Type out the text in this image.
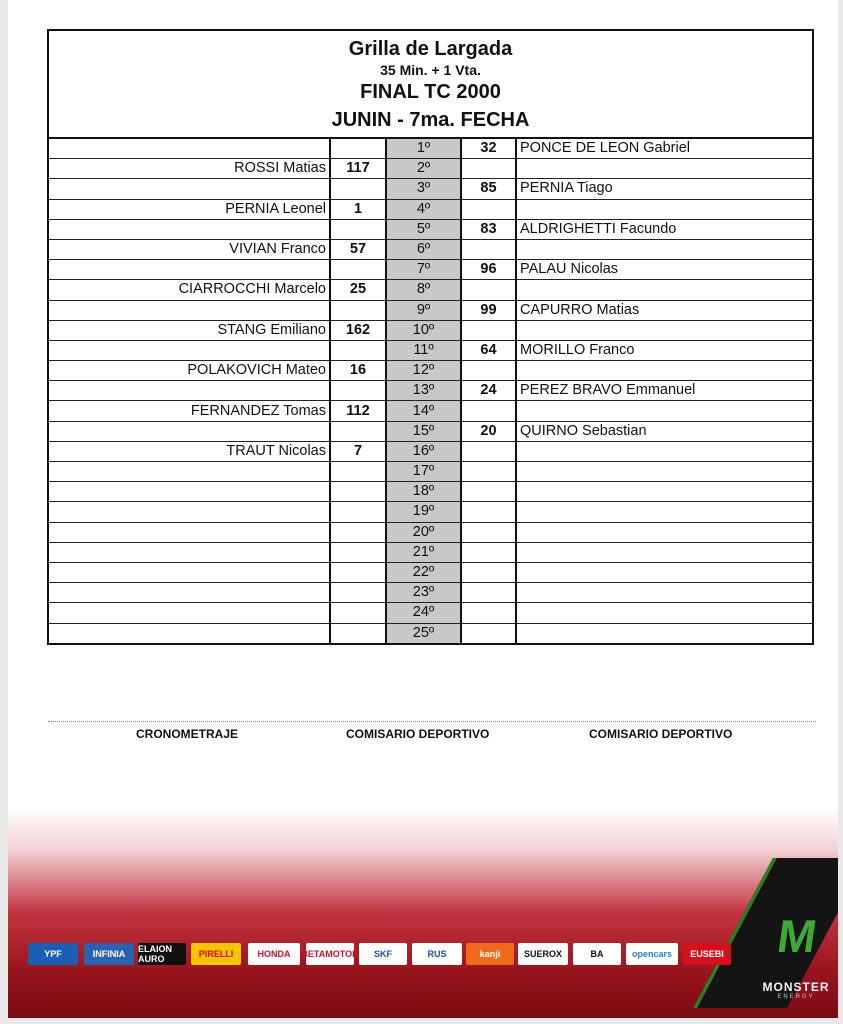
Grilla de Largada
35 Min. + 1 Vta.
FINAL TC 2000
JUNIN - 7ma. FECHA
		1º	32	PONCE DE LEON Gabriel
ROSSI Matias	117	2º		
		3º	85	PERNIA Tiago
PERNIA Leonel	1	4º		
		5º	83	ALDRIGHETTI Facundo
VIVIAN Franco	57	6º		
		7º	96	PALAU Nicolas
CIARROCCHI Marcelo	25	8º		
		9º	99	CAPURRO Matias
STANG Emiliano	162	10º		
		11º	64	MORILLO Franco
POLAKOVICH Mateo	16	12º		
		13º	24	PEREZ BRAVO Emmanuel
FERNANDEZ Tomas	112	14º		
		15º	20	QUIRNO Sebastian
TRAUT Nicolas	7	16º		
		17º		
		18º		
		19º		
		20º		
		21º		
		22º		
		23º		
		24º		
		25º		
CRONOMETRAJE	COMISARIO DEPORTIVO	COMISARIO DEPORTIVO
YPF	INFINIA	ELAION AURO	PIRELLI	HONDA	BETAMOTOR	SKF	RUS	kanji	SUEROX	BA	opencars	EUSEBI	M
MONSTER
ENERGY
